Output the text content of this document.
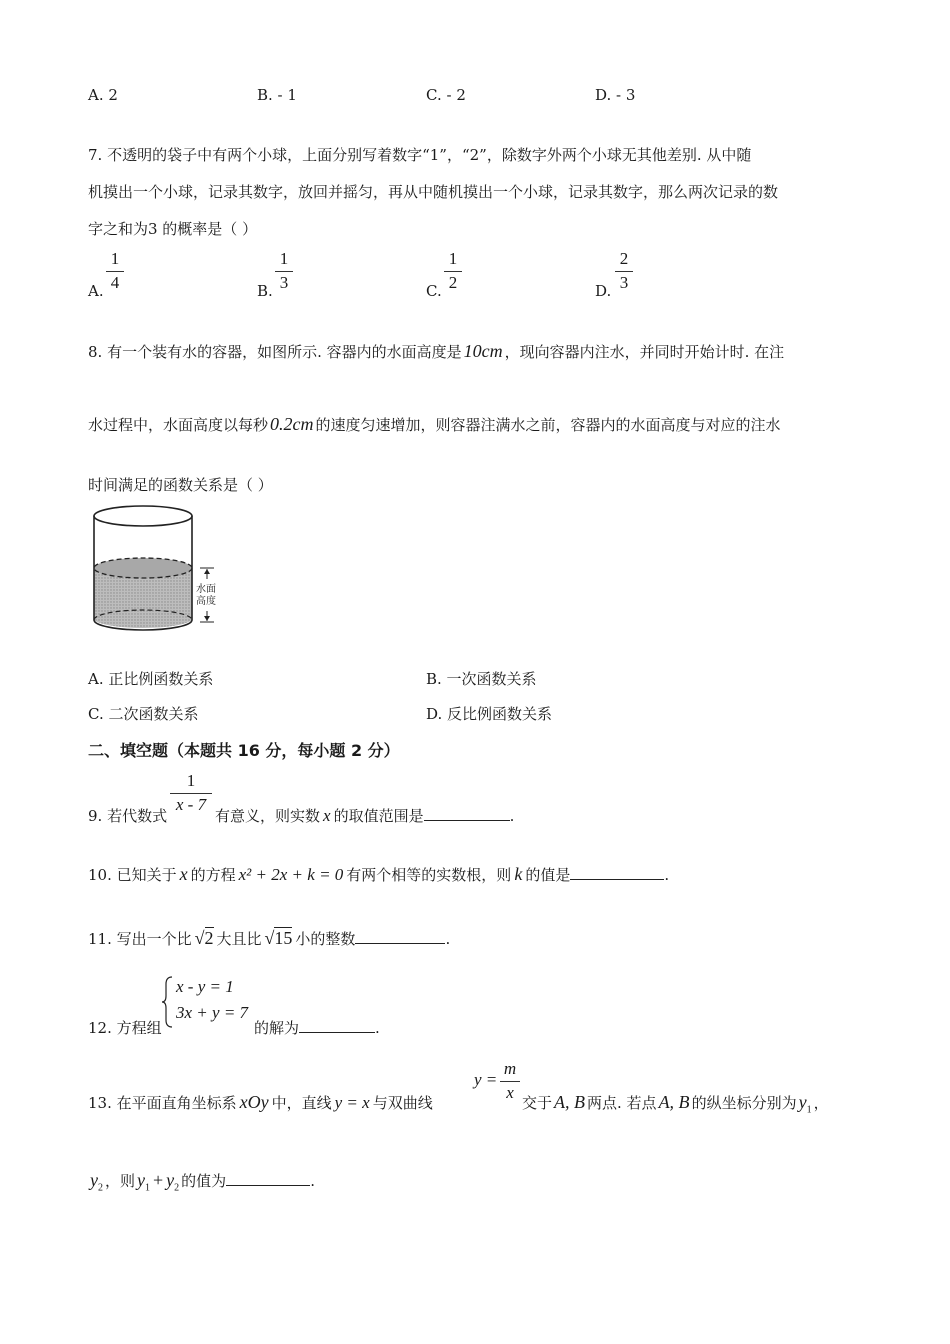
A. 2	B. - 1	C. - 2	D. - 3
7. 不透明的袋子中有两个小球，上面分别写着数字“1”，“2”，除数字外两个小球无其他差别. 从中随
机摸出一个小球，记录其数字，放回并摇匀，再从中随机摸出一个小球，记录其数字，那么两次记录的数
字之和为3 的概率是（ ）
A.
1
4	B.
1
3	C.
1
2	D.
2
3
8. 有一个装有水的容器，如图所示. 容器内的水面高度是 10cm ，现向容器内注水，并同时开始计时. 在注
水过程中，水面高度以每秒 0.2cm 的速度匀速增加，则容器注满水之前，容器内的水面高度与对应的注水
时间满足的函数关系是（ ）
水面
高度
A. 正比例函数关系	B. 一次函数关系
C. 二次函数关系	D. 反比例函数关系
二、填空题（本题共 16 分，每小题 2 分）
9. 若代数式
1
x - 7
有意义，则实数 x 的取值范围是	.
10. 已知关于 x 的方程 x² + 2x + k = 0 有两个相等的实数根，则 k 的值是	.
11. 写出一个比 √2 大且比 √15 小的整数	.
12. 方程组
x - y = 1
3x + y = 7
的解为	.
13. 在平面直角坐标系 xOy 中，直线 y = x 与双曲线
y =
m
x
交于 A, B 两点. 若点 A, B 的纵坐标分别为 $y_1$ ，
$y_2$ ，则 $y_1 + y_2$ 的值为	.
